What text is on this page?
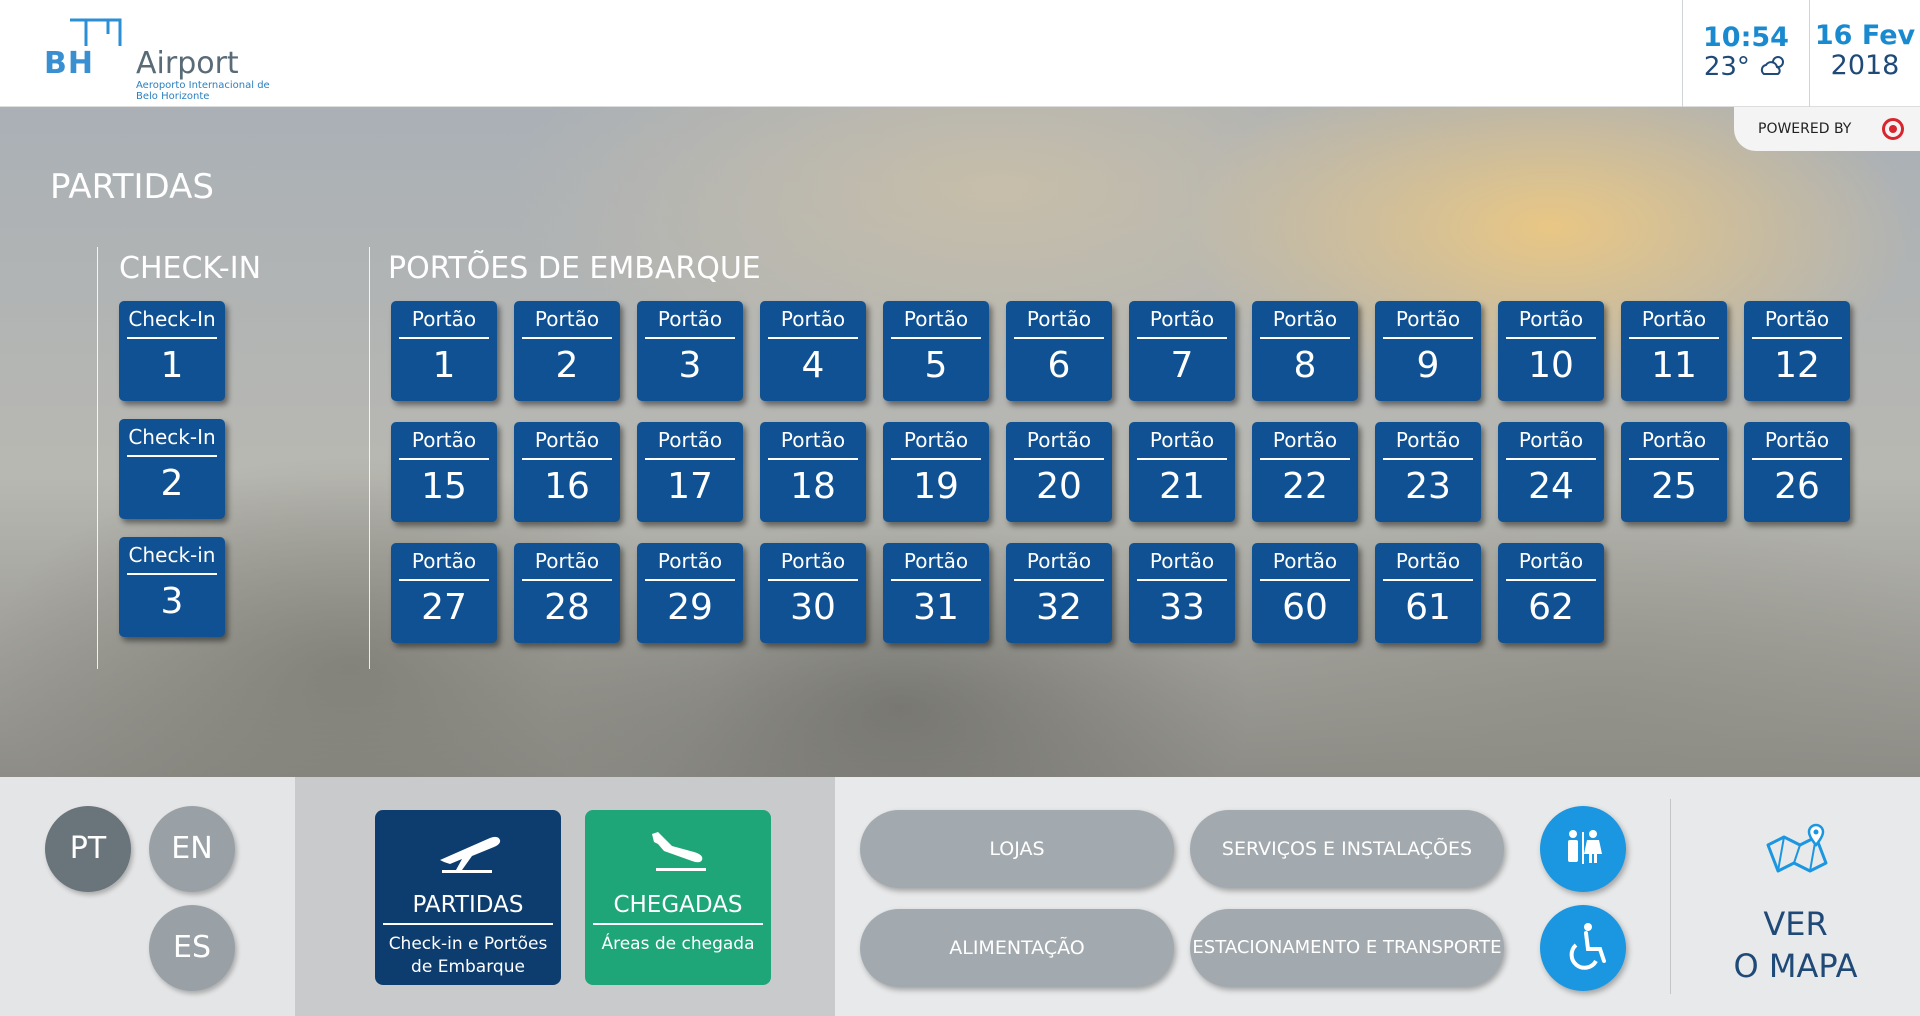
BH Airport
Aeroporto Internacional de Belo Horizonte
10:54
23°
16 Fev
2018
POWERED BY
PARTIDAS
CHECK-IN	PORTÕES DE EMBARQUE
Check-In
1
Check-In
2
Check-in
3
Portão
1
Portão
2
Portão
3
Portão
4
Portão
5
Portão
6
Portão
7
Portão
8
Portão
9
Portão
10
Portão
11
Portão
12
Portão
15
Portão
16
Portão
17
Portão
18
Portão
19
Portão
20
Portão
21
Portão
22
Portão
23
Portão
24
Portão
25
Portão
26
Portão
27
Portão
28
Portão
29
Portão
30
Portão
31
Portão
32
Portão
33
Portão
60
Portão
61
Portão
62
PT	EN
ES
PARTIDAS
Check-in e Portões de Embarque
CHEGADAS
Áreas de chegada
LOJAS	SERVIÇOS E INSTALAÇÕES
ALIMENTAÇÃO	ESTACIONAMENTO E TRANSPORTE
VER
O MAPA
